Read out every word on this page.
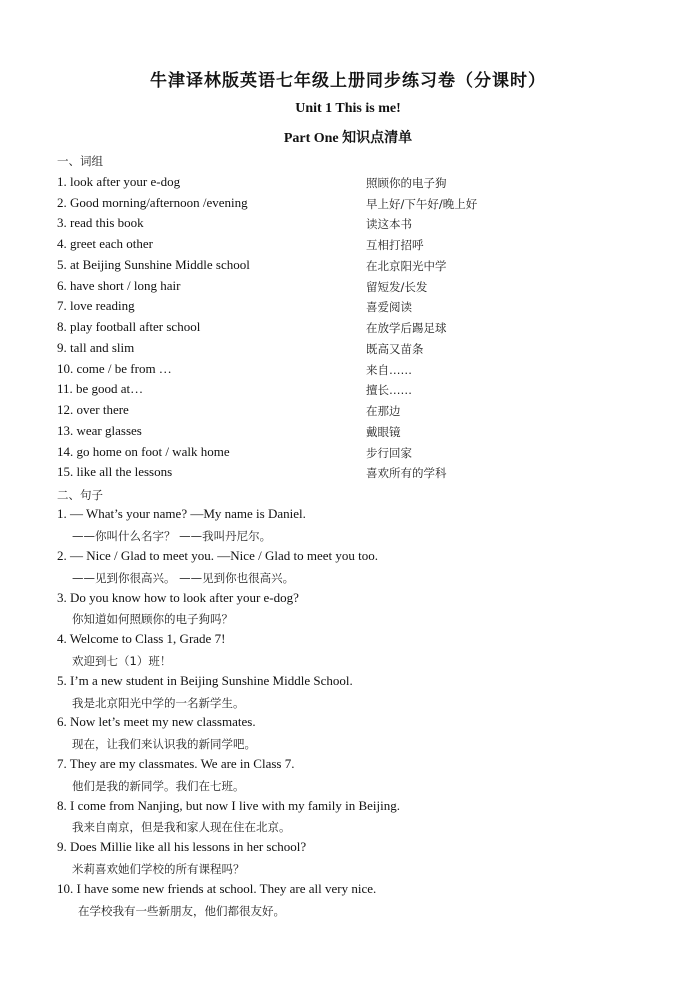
牛津译林版英语七年级上册同步练习卷（分课时）
Unit 1 This is me!
Part One 知识点清单
一、词组
1. look after your e-dog	照顾你的电子狗
2. Good morning/afternoon /evening	早上好/下午好/晚上好
3. read this book	读这本书
4. greet each other	互相打招呼
5. at Beijing Sunshine Middle school	在北京阳光中学
6. have short / long hair	留短发/长发
7. love reading	喜爱阅读
8. play football after school	在放学后踢足球
9. tall and slim	既高又苗条
10. come / be from …	来自……
11. be good at…	擅长……
12. over there	在那边
13. wear glasses	戴眼镜
14. go home on foot / walk home	步行回家
15. like all the lessons	喜欢所有的学科
二、句子
1. — What’s your name? —My name is Daniel.
——你叫什么名字？ ——我叫丹尼尔。
2. — Nice / Glad to meet you. —Nice / Glad to meet you too.
——见到你很高兴。 ——见到你也很高兴。
3. Do you know how to look after your e-dog?
你知道如何照顾你的电子狗吗？
4. Welcome to Class 1, Grade 7!
欢迎到七（1）班！
5. I’m a new student in Beijing Sunshine Middle School.
我是北京阳光中学的一名新学生。
6. Now let’s meet my new classmates.
现在，让我们来认识我的新同学吧。
7. They are my classmates. We are in Class 7.
他们是我的新同学。我们在七班。
8. I come from Nanjing, but now I live with my family in Beijing.
我来自南京，但是我和家人现在住在北京。
9. Does Millie like all his lessons in her school?
米莉喜欢她们学校的所有课程吗？
10. I have some new friends at school. They are all very nice.
在学校我有一些新朋友，他们都很友好。
